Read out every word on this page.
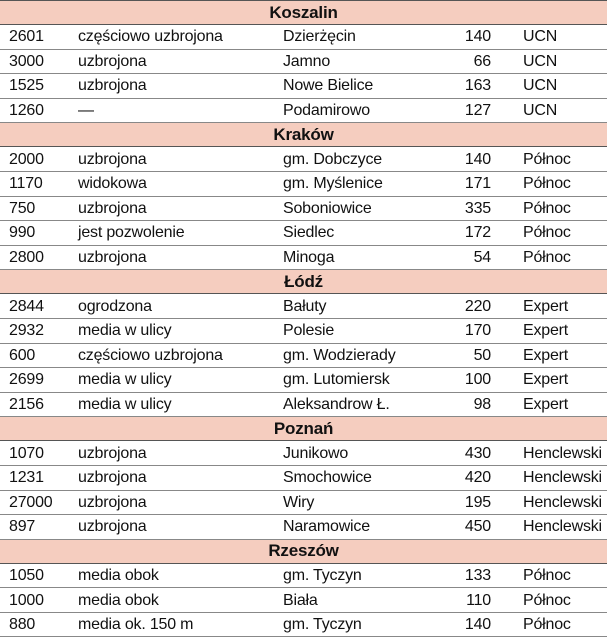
Koszalin				
2601	częściowo uzbrojona	Dzierżęcin	140	UCN
3000	uzbrojona	Jamno	66	UCN
1525	uzbrojona	Nowe Bielice	163	UCN
1260	—	Podamirowo	127	UCN
Kraków				
2000	uzbrojona	gm. Dobczyce	140	Północ
1170	widokowa	gm. Myślenice	171	Północ
750	uzbrojona	Soboniowice	335	Północ
990	jest pozwolenie	Siedlec	172	Północ
2800	uzbrojona	Minoga	54	Północ
Łódź				
2844	ogrodzona	Bałuty	220	Expert
2932	media w ulicy	Polesie	170	Expert
600	częściowo uzbrojona	gm. Wodzierady	50	Expert
2699	media w ulicy	gm. Lutomiersk	100	Expert
2156	media w ulicy	Aleksandrow Ł.	98	Expert
Poznań				
1070	uzbrojona	Junikowo	430	Henclewski
1231	uzbrojona	Smochowice	420	Henclewski
27000	uzbrojona	Wiry	195	Henclewski
897	uzbrojona	Naramowice	450	Henclewski
Rzeszów				
1050	media obok	gm. Tyczyn	133	Północ
1000	media obok	Biała	110	Północ
880	media ok. 150 m	gm. Tyczyn	140	Północ
